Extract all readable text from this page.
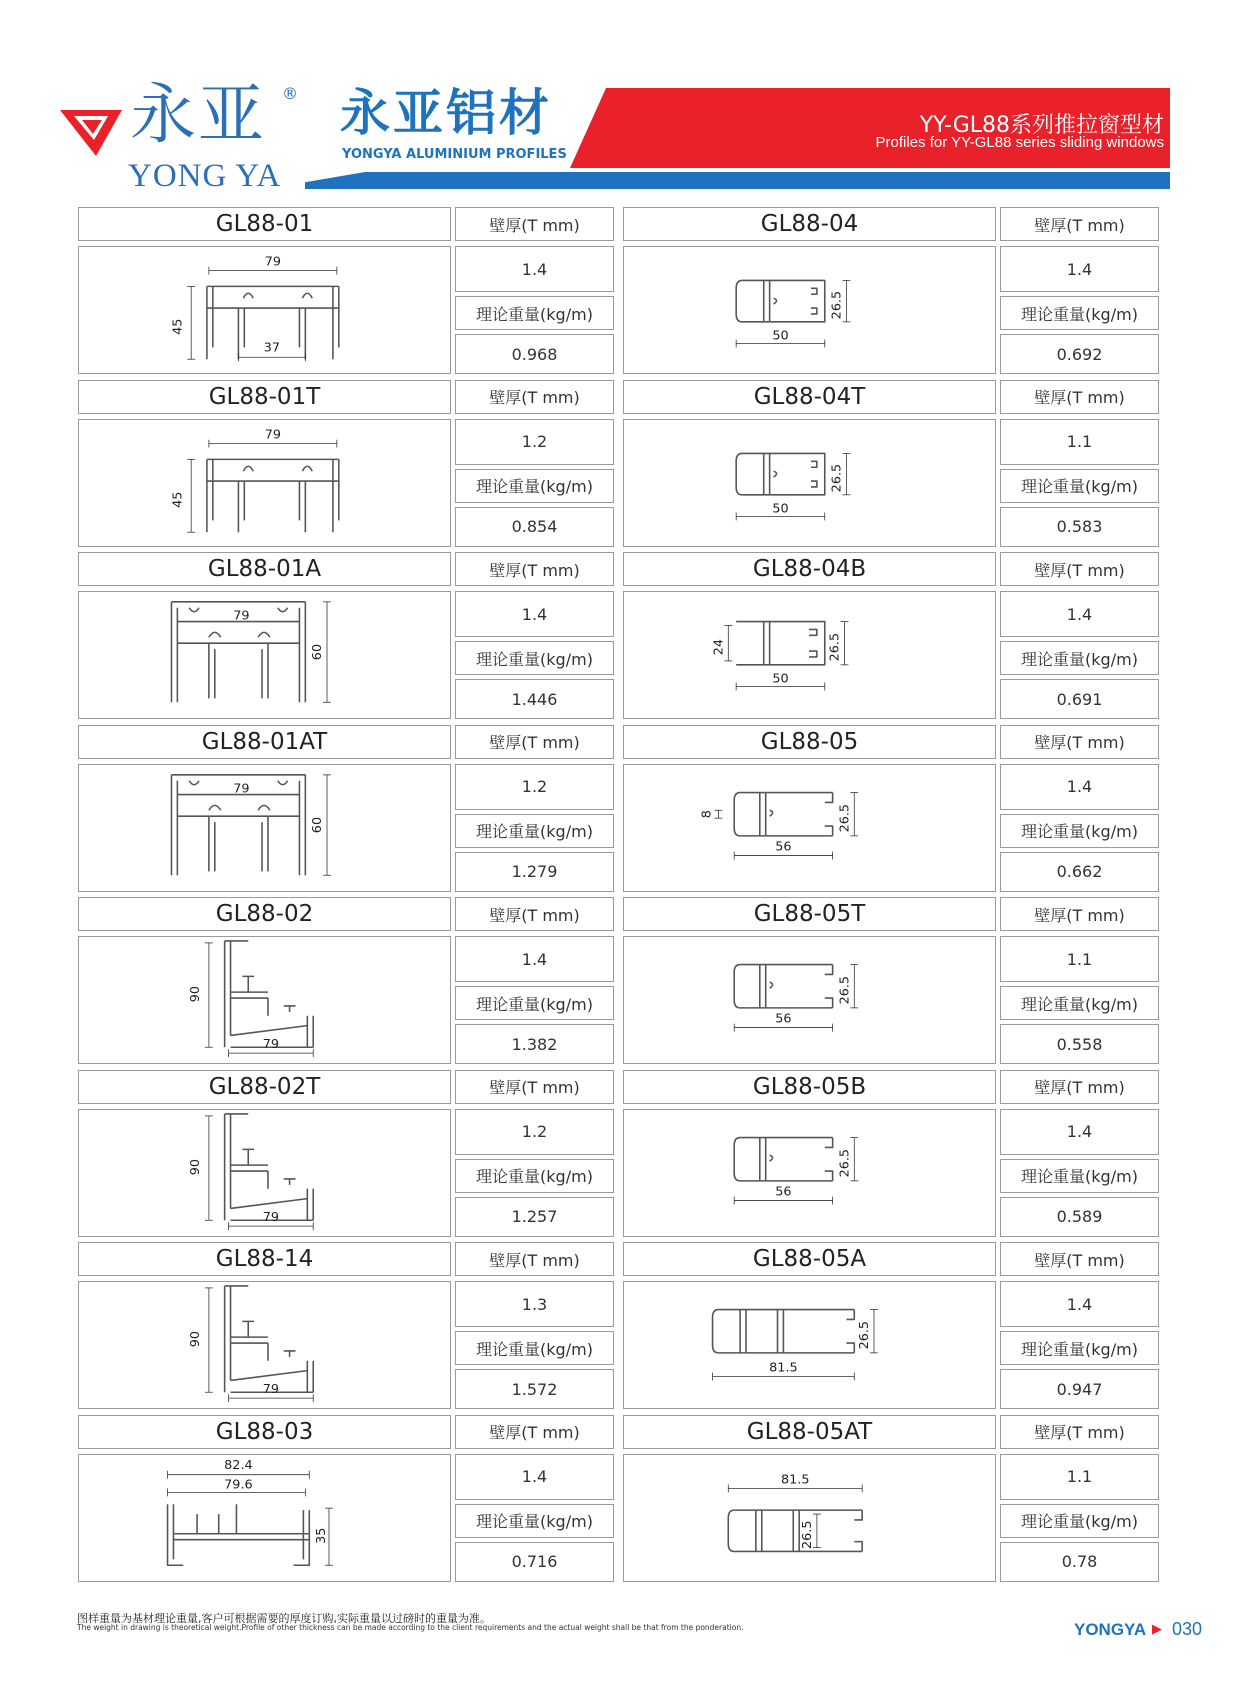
永亚 ®
YONG YA
永亚铝材
YONGYA ALUMINIUM PROFILES
YY-GL88系列推拉窗型材
Profiles for YY-GL88 series sliding windows
GL88-01
79
45
37
壁厚(T mm)
1.4
理论重量(kg/m)
0.968
GL88-01T
79
45
壁厚(T mm)
1.2
理论重量(kg/m)
0.854
GL88-01A
79
60
壁厚(T mm)
1.4
理论重量(kg/m)
1.446
GL88-01AT
79
60
壁厚(T mm)
1.2
理论重量(kg/m)
1.279
GL88-02
90
79
壁厚(T mm)
1.4
理论重量(kg/m)
1.382
GL88-02T
90
79
壁厚(T mm)
1.2
理论重量(kg/m)
1.257
GL88-14
90
79
壁厚(T mm)
1.3
理论重量(kg/m)
1.572
GL88-03
82.4
79.6
35
壁厚(T mm)
1.4
理论重量(kg/m)
0.716
GL88-04
26.5
50
壁厚(T mm)
1.4
理论重量(kg/m)
0.692
GL88-04T
26.5
50
壁厚(T mm)
1.1
理论重量(kg/m)
0.583
GL88-04B
24	26.5
50
壁厚(T mm)
1.4
理论重量(kg/m)
0.691
GL88-05
8	26.5
56
壁厚(T mm)
1.4
理论重量(kg/m)
0.662
GL88-05T
26.5
56
壁厚(T mm)
1.1
理论重量(kg/m)
0.558
GL88-05B
26.5
56
壁厚(T mm)
1.4
理论重量(kg/m)
0.589
GL88-05A
26.5
81.5
壁厚(T mm)
1.4
理论重量(kg/m)
0.947
GL88-05AT
81.5
26.5
壁厚(T mm)
1.1
理论重量(kg/m)
0.78
图样重量为基材理论重量,客户可根据需要的厚度订购,实际重量以过磅时的重量为准。
The weight in drawing is theoretical weight.Profile of other thickness can be made according to the client requirements and the actual weight shall be that from the ponderation.	YONGYA ▶ 030
